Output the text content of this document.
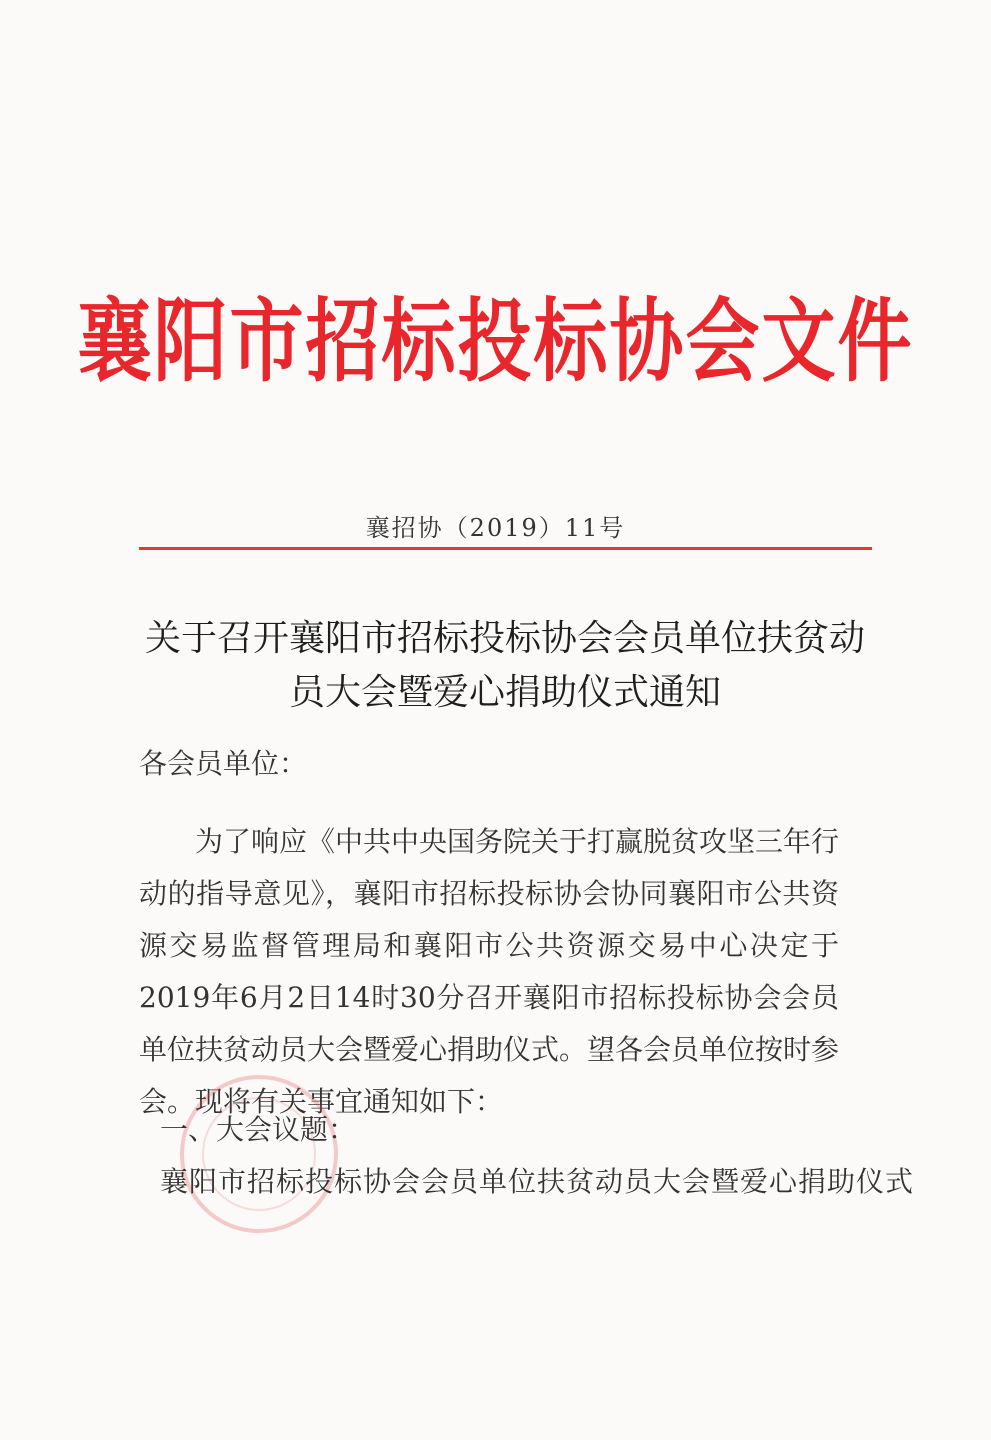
襄阳市招标投标协会文件
襄招协（2019）11号
关于召开襄阳市招标投标协会会员单位扶贫动
员大会暨爱心捐助仪式通知
各会员单位：
为了响应《中共中央国务院关于打赢脱贫攻坚三年行动的指导意见》，襄阳市招标投标协会协同襄阳市公共资源交易监督管理局和襄阳市公共资源交易中心决定于2019年6月2日14时30分召开襄阳市招标投标协会会员单位扶贫动员大会暨爱心捐助仪式。望各会员单位按时参会。现将有关事宜通知如下：
一、大会议题：
襄阳市招标投标协会会员单位扶贫动员大会暨爱心捐助仪式
